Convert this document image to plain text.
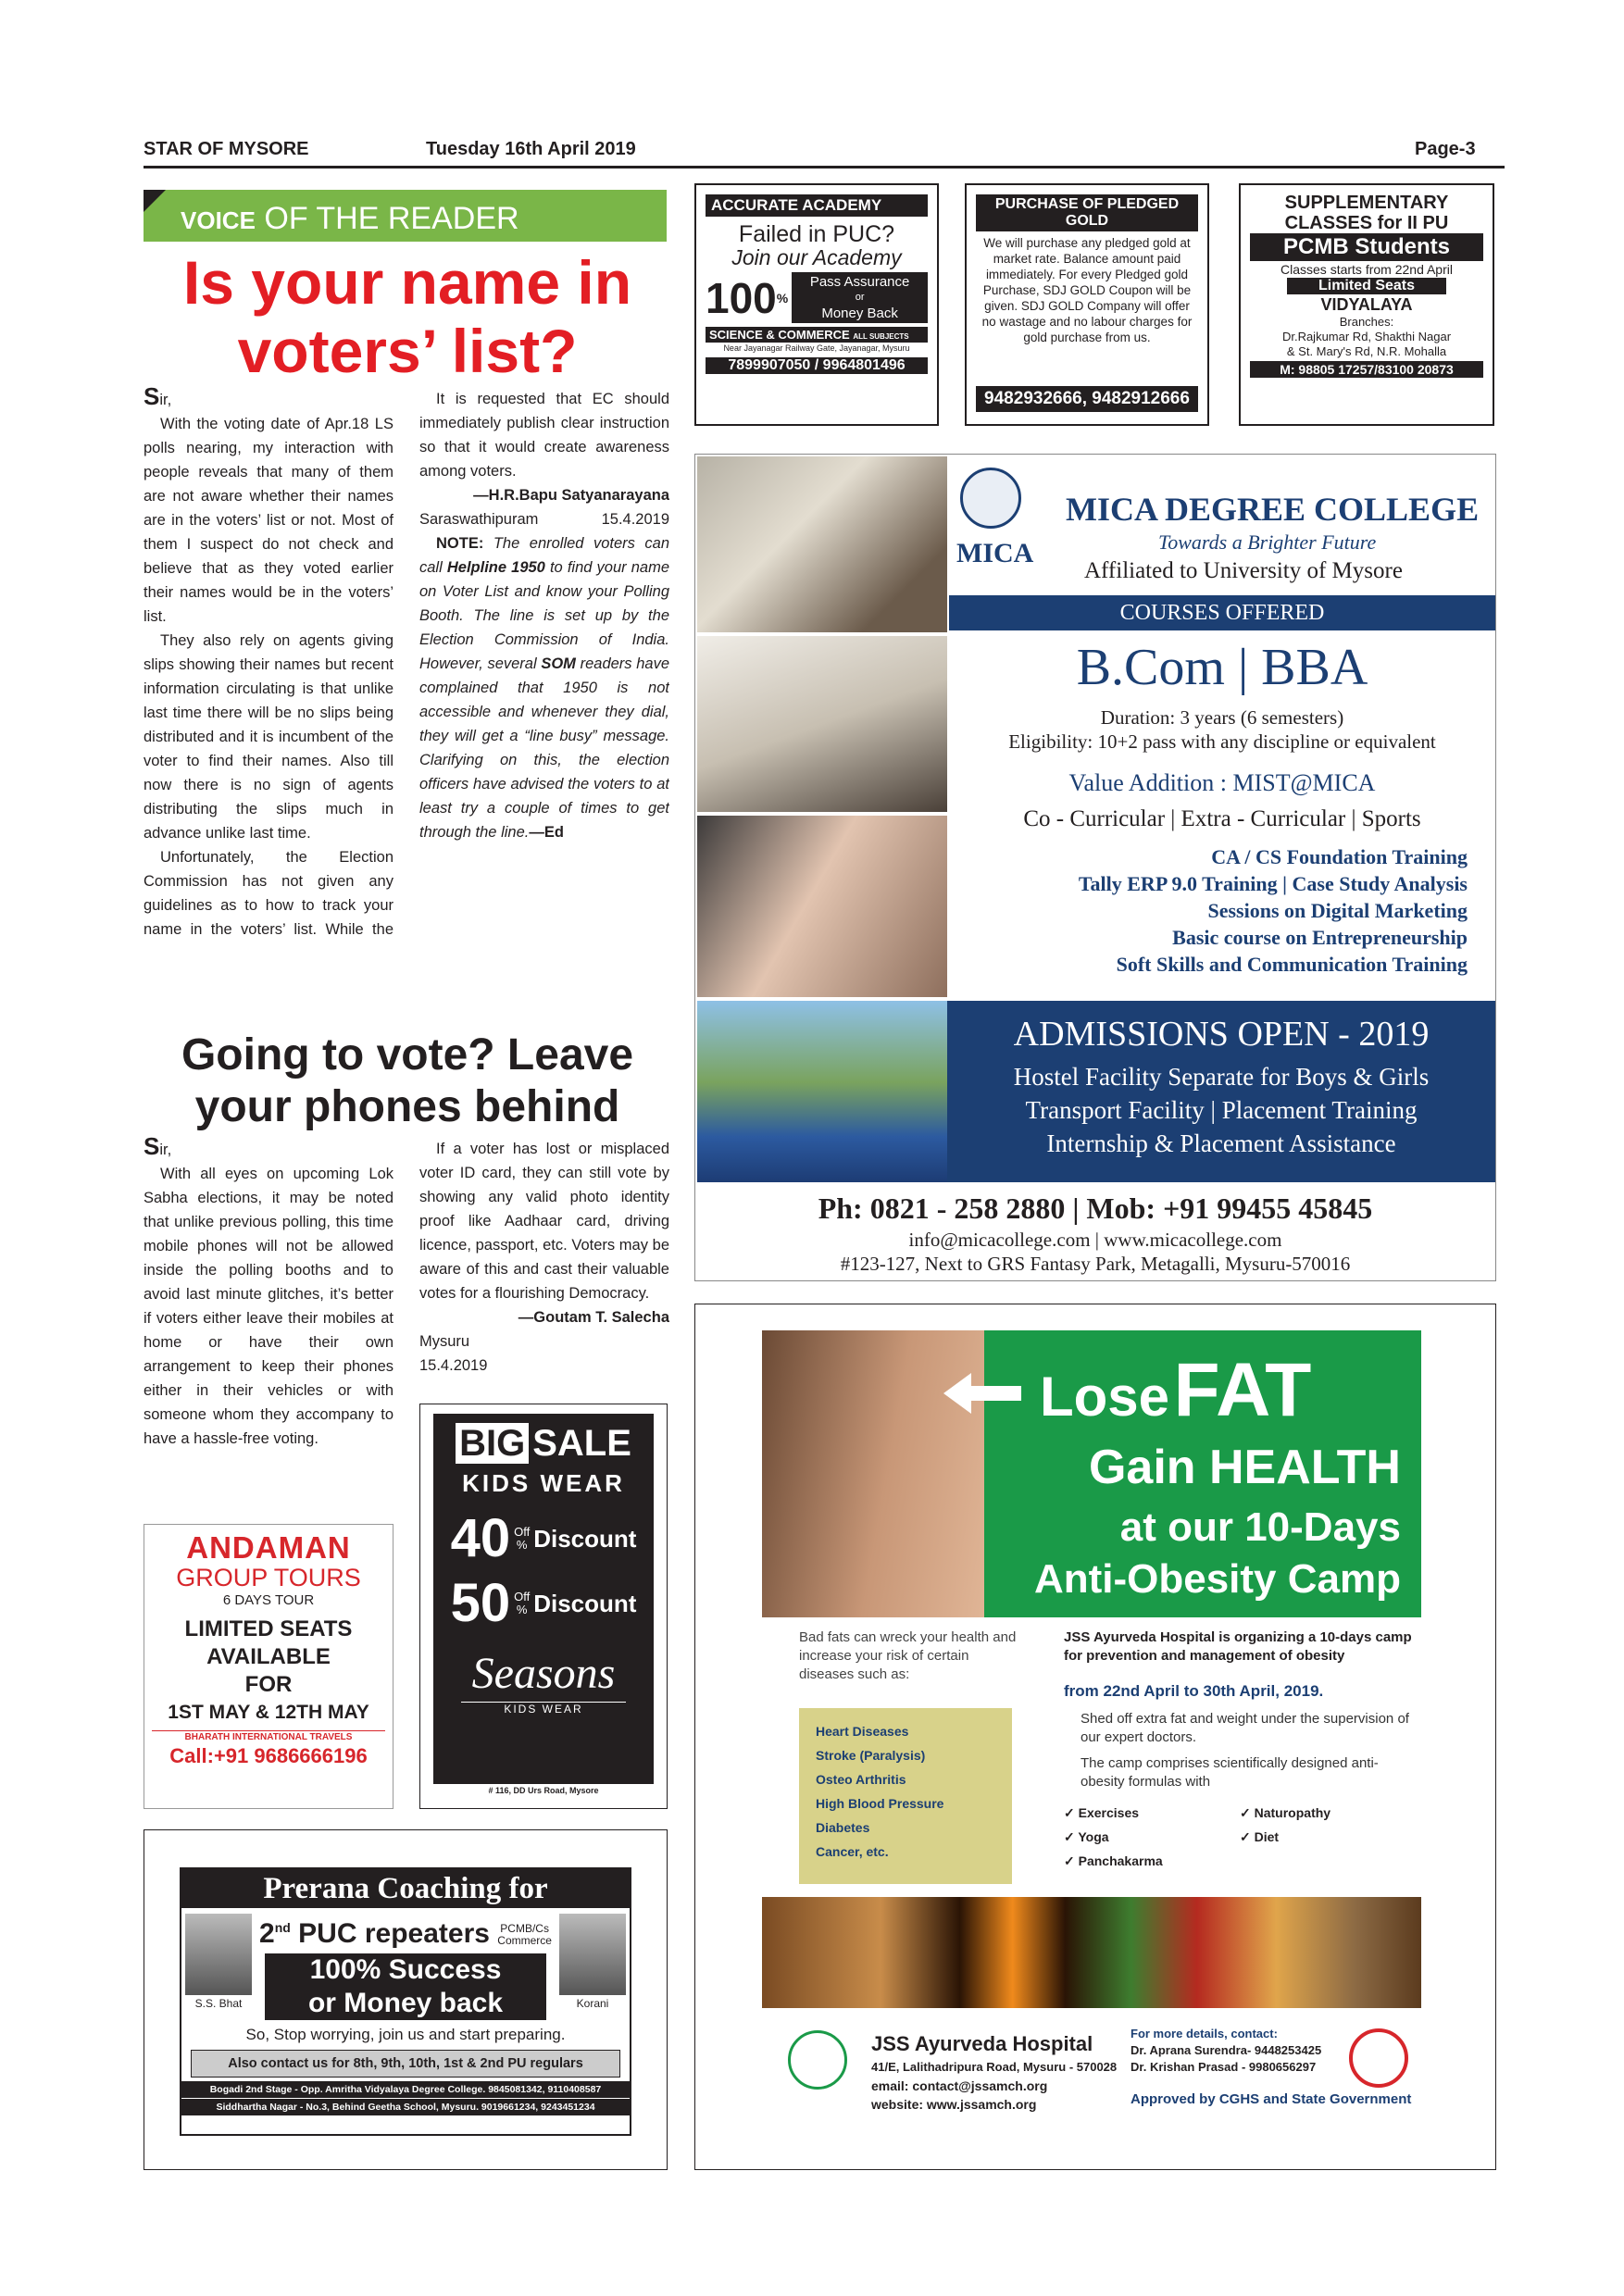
STAR OF MYSORE	Tuesday 16th April 2019	Page-3
VOICE OF THE READER
Is your name in voters’ list?

Sir,

With the voting date of Apr.18 LS polls nearing, my interaction with people reveals that many of them are not aware whether their names are in the voters’ list or not. Most of them I suspect do not check and believe that as they voted earlier their names would be in the voters’ list.

They also rely on agents giving slips showing their names but recent information circulating is that unlike last time there will be no slips being distributed and it is incumbent of the voter to find their names. Also till now there is no sign of agents distributing the slips much in advance unlike last time.

Unfortunately, the Election Commission has not given any guidelines as to how to track your name in the voters’ list. While the

It is requested that EC should immediately publish clear instruction so that it would create awareness among voters.

—H.R.Bapu Satyanarayana
Saraswathipuram	15.4.2019

NOTE: The enrolled voters can call Helpline 1950 to find your name on Voter List and know your Polling Booth. The line is set up by the Election Commission of India. However, several SOM readers have complained that 1950 is not accessible and whenever they dial, they will get a “line busy” message. Clarifying on this, the election officers have advised the voters to at least try a couple of times to get through the line.—Ed

Going to vote? Leave your phones behind

Sir,

With all eyes on upcoming Lok Sabha elections, it may be noted that unlike previous polling, this time mobile phones will not be allowed inside the polling booths and to avoid last minute glitches, it’s better if voters either leave their mobiles at home or have their own arrangement to keep their phones either in their vehicles or with someone whom they accompany to have a hassle-free voting.

If a voter has lost or misplaced voter ID card, they can still vote by showing any valid photo identity proof like Aadhaar card, driving licence, passport, etc. Voters may be aware of this and cast their valuable votes for a flourishing Democracy.

—Goutam T. Salecha
Mysuru
15.4.2019
ACCURATE ACADEMY
Failed in PUC?
Join our Academy
100 %
Pass Assurance
or
Money Back
SCIENCE & COMMERCE ALL SUBJECTS
Near Jayanagar Railway Gate, Jayanagar, Mysuru
7899907050 / 9964801496
PURCHASE OF PLEDGED GOLD
We will purchase any pledged gold at market rate. Balance amount paid immediately. For every Pledged gold Purchase, SDJ GOLD Coupon will be given. SDJ GOLD Company will offer no wastage and no labour charges for gold purchase from us.
9482932666, 9482912666
SUPPLEMENTARY
CLASSES for II PU
PCMB Students
Classes starts from 22nd April
Limited Seats
VIDYALAYA
Branches:
Dr.Rajkumar Rd, Shakthi Nagar
& St. Mary's Rd, N.R. Mohalla
M: 98805 17257/83100 20873
MICA
MICA DEGREE COLLEGE
Towards a Brighter Future
Affiliated to University of Mysore
COURSES OFFERED
B.Com | BBA
Duration: 3 years (6 semesters)
Eligibility: 10+2 pass with any discipline or equivalent
Value Addition : MIST@MICA
Co - Curricular | Extra - Curricular | Sports
CA / CS Foundation Training
Tally ERP 9.0 Training | Case Study Analysis
Sessions on Digital Marketing
Basic course on Entrepreneurship
Soft Skills and Communication Training
ADMISSIONS OPEN - 2019
Hostel Facility Separate for Boys & Girls
Transport Facility | Placement Training
Internship & Placement Assistance
Ph: 0821 - 258 2880 | Mob: +91 99455 45845
info@micacollege.com | www.micacollege.com
#123-127, Next to GRS Fantasy Park, Metagalli, Mysuru-570016
ANDAMAN
GROUP TOURS
6 DAYS TOUR
LIMITED SEATS
AVAILABLE
FOR
1ST MAY & 12TH MAY
BHARATH INTERNATIONAL TRAVELS
Call:+91 9686666196
BIG SALE
KIDS WEAR
40 Off
% Discount
50 Off
% Discount
Seasons
KIDS WEAR
# 116, DD Urs Road, Mysore
Prerana Coaching for
S.S. Bhat	Korani
2nd PUC repeaters PCMB/Cs
Commerce
100% Success
or Money back
So, Stop worrying, join us and start preparing.
Also contact us for 8th, 9th, 10th, 1st & 2nd PU regulars
Bogadi 2nd Stage - Opp. Amritha Vidyalaya Degree College. 9845081342, 9110408587
Siddhartha Nagar - No.3, Behind Geetha School, Mysuru. 9019661234, 9243451234
Lose FAT
Gain HEALTH
at our 10-Days
Anti-Obesity Camp
Bad fats can wreck your health and increase your risk of certain diseases such as:
Heart Diseases
Stroke (Paralysis)
Osteo Arthritis
High Blood Pressure
Diabetes
Cancer, etc.
JSS Ayurveda Hospital is organizing a 10-days camp for prevention and management of obesity
from 22nd April to 30th April, 2019.
Shed off extra fat and weight under the supervision of our expert doctors.
The camp comprises scientifically designed anti-obesity formulas with
✓ Exercises	✓ Naturopathy
✓ Yoga	✓ Diet
✓ Panchakarma
JSS Ayurveda Hospital
41/E, Lalithadripura Road, Mysuru - 570028
email: contact@jssamch.org
website: www.jssamch.org
For more details, contact:
Dr. Aprana Surendra- 9448253425
Dr. Krishan Prasad - 9980656297
Approved by CGHS and State Government
